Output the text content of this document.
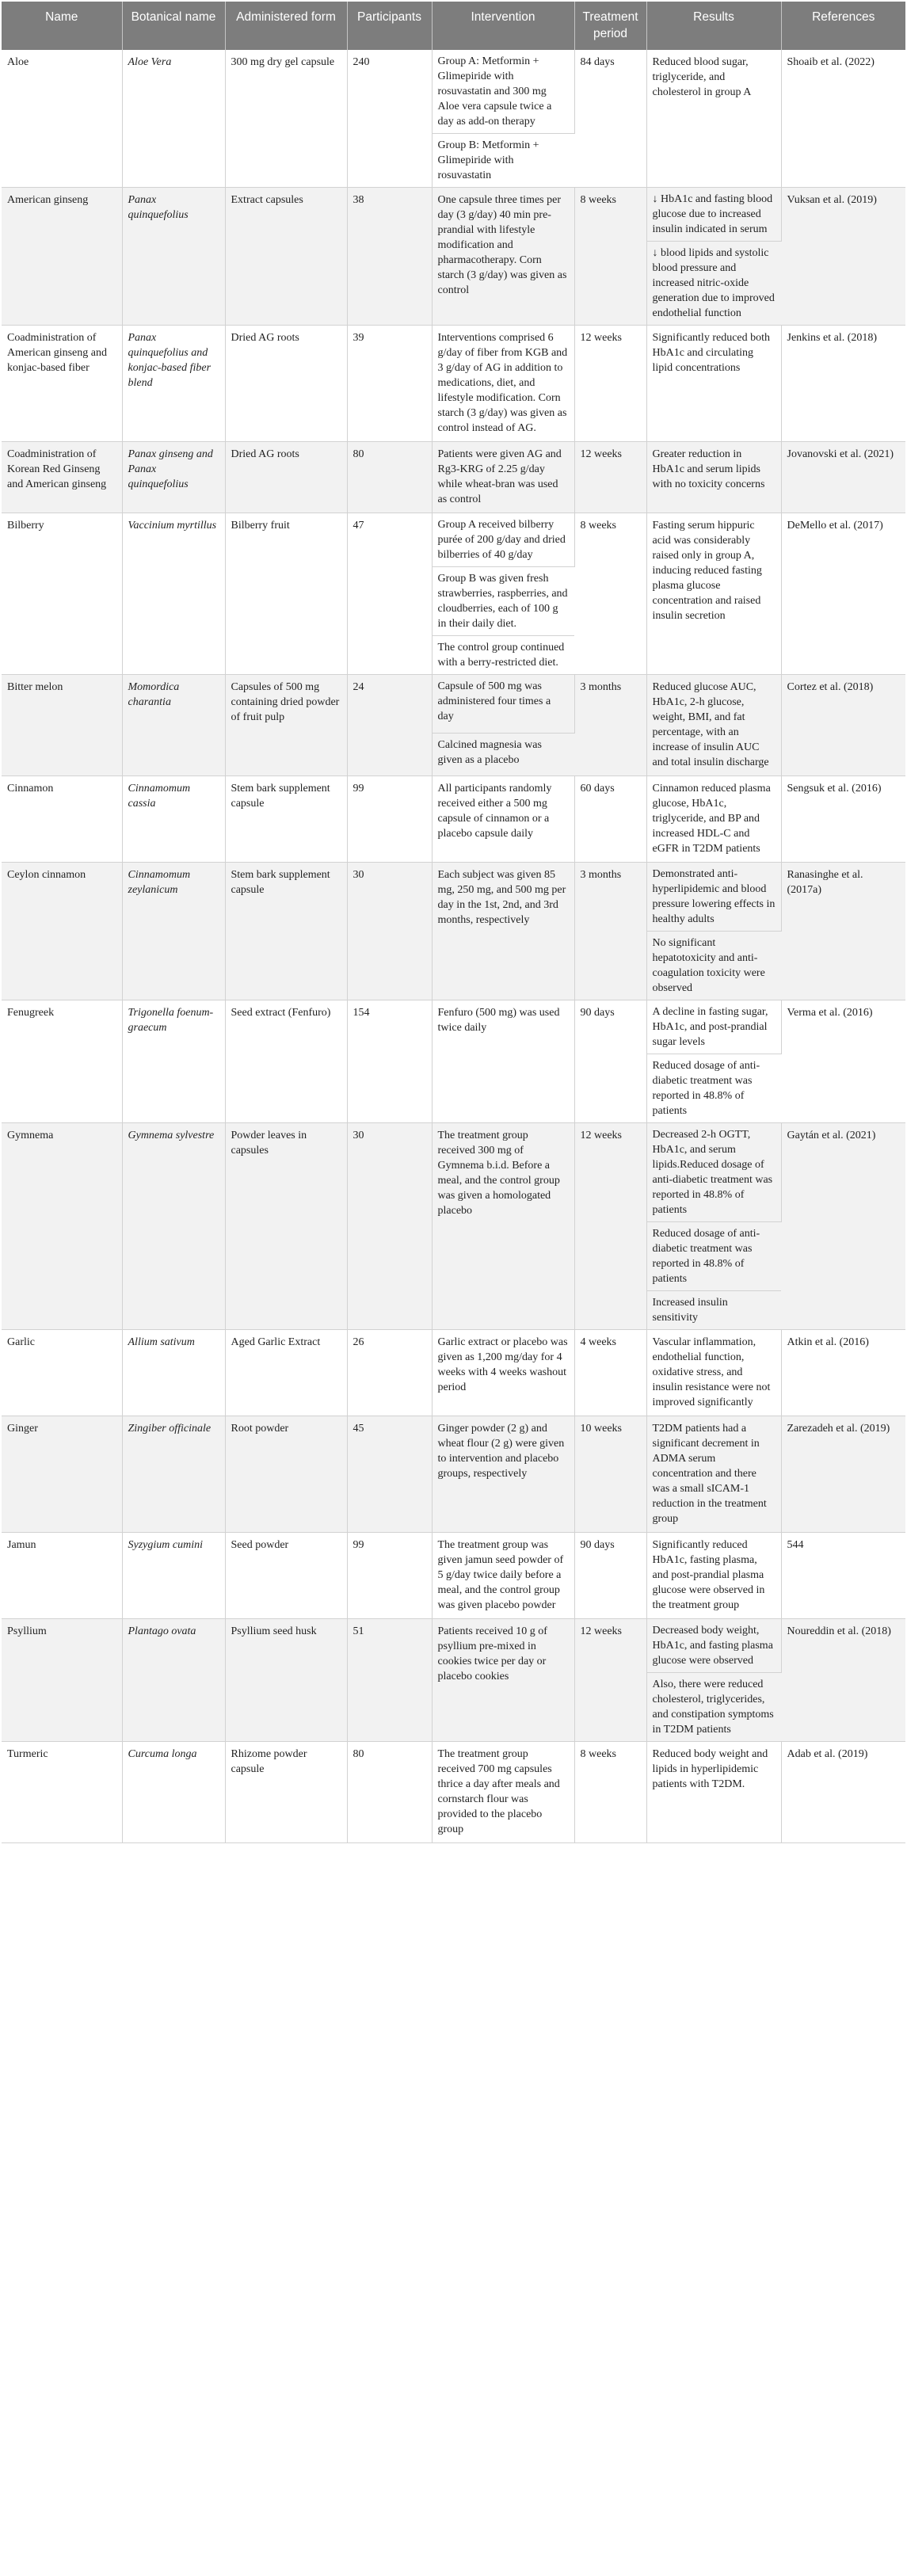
Name	Botanical name	Administered form	Participants	Intervention	Treatment period	Results	References
Aloe	Aloe Vera	300 mg dry gel capsule	240	Group A: Metformin + Glimepiride with rosuvastatin and 300 mg Aloe vera capsule twice a day as add-on therapy	84 days	Reduced blood sugar, triglyceride, and cholesterol in group A	Shoaib et al. (2022)
				Group B: Metformin + Glimepiride with rosuvastatin			
American ginseng	Panax quinquefolius	Extract capsules	38	One capsule three times per day (3 g/day) 40 min pre-prandial with lifestyle modification and pharmacotherapy. Corn starch (3 g/day) was given as control	8 weeks	↓ HbA1c and fasting blood glucose due to increased insulin indicated in serum	Vuksan et al. (2019)
						↓ blood lipids and systolic blood pressure and increased nitric-oxide generation due to improved endothelial function	
Coadministration of American ginseng and konjac-based fiber	Panax quinquefolius and konjac-based fiber blend	Dried AG roots	39	Interventions comprised 6 g/day of fiber from KGB and 3 g/day of AG in addition to medications, diet, and lifestyle modification. Corn starch (3 g/day) was given as control instead of AG.	12 weeks	Significantly reduced both HbA1c and circulating lipid concentrations	Jenkins et al. (2018)
Coadministration of Korean Red Ginseng and American ginseng	Panax ginseng and Panax quinquefolius	Dried AG roots	80	Patients were given AG and Rg3-KRG of 2.25 g/day while wheat-bran was used as control	12 weeks	Greater reduction in HbA1c and serum lipids with no toxicity concerns	Jovanovski et al. (2021)
Bilberry	Vaccinium myrtillus	Bilberry fruit	47	Group A received bilberry purée of 200 g/day and dried bilberries of 40 g/day	8 weeks	Fasting serum hippuric acid was considerably raised only in group A, inducing reduced fasting plasma glucose concentration and raised insulin secretion	DeMello et al. (2017)
				Group B was given fresh strawberries, raspberries, and cloudberries, each of 100 g in their daily diet.			
				The control group continued with a berry-restricted diet.			
Bitter melon	Momordica charantia	Capsules of 500 mg containing dried powder of fruit pulp	24	Capsule of 500 mg was administered four times a day	3 months	Reduced glucose AUC, HbA1c, 2-h glucose, weight, BMI, and fat percentage, with an increase of insulin AUC and total insulin discharge	Cortez et al. (2018)
				Calcined magnesia was given as a placebo			
Cinnamon	Cinnamomum cassia	Stem bark supplement capsule	99	All participants randomly received either a 500 mg capsule of cinnamon or a placebo capsule daily	60 days	Cinnamon reduced plasma glucose, HbA1c, triglyceride, and BP and increased HDL-C and eGFR in T2DM patients	Sengsuk et al. (2016)
Ceylon cinnamon	Cinnamomum zeylanicum	Stem bark supplement capsule	30	Each subject was given 85 mg, 250 mg, and 500 mg per day in the 1st, 2nd, and 3rd months, respectively	3 months	Demonstrated anti-hyperlipidemic and blood pressure lowering effects in healthy adults	Ranasinghe et al. (2017a)
						No significant hepatotoxicity and anti-coagulation toxicity were observed	
Fenugreek	Trigonella foenum-graecum	Seed extract (Fenfuro)	154	Fenfuro (500 mg) was used twice daily	90 days	A decline in fasting sugar, HbA1c, and post-prandial sugar levels	Verma et al. (2016)
						Reduced dosage of anti-diabetic treatment was reported in 48.8% of patients	
Gymnema	Gymnema sylvestre	Powder leaves in capsules	30	The treatment group received 300 mg of Gymnema b.i.d. Before a meal, and the control group was given a homologated placebo	12 weeks	Decreased 2-h OGTT, HbA1c, and serum lipids.Reduced dosage of anti-diabetic treatment was reported in 48.8% of patients	Gaytán et al. (2021)
						Reduced dosage of anti-diabetic treatment was reported in 48.8% of patients	
						Increased insulin sensitivity	
Garlic	Allium sativum	Aged Garlic Extract	26	Garlic extract or placebo was given as 1,200 mg/day for 4 weeks with 4 weeks washout period	4 weeks	Vascular inflammation, endothelial function, oxidative stress, and insulin resistance were not improved significantly	Atkin et al. (2016)
Ginger	Zingiber officinale	Root powder	45	Ginger powder (2 g) and wheat flour (2 g) were given to intervention and placebo groups, respectively	10 weeks	T2DM patients had a significant decrement in ADMA serum concentration and there was a small sICAM-1 reduction in the treatment group	Zarezadeh et al. (2019)
Jamun	Syzygium cumini	Seed powder	99	The treatment group was given jamun seed powder of 5 g/day twice daily before a meal, and the control group was given placebo powder	90 days	Significantly reduced HbA1c, fasting plasma, and post-prandial plasma glucose were observed in the treatment group	544
Psyllium	Plantago ovata	Psyllium seed husk	51	Patients received 10 g of psyllium pre-mixed in cookies twice per day or placebo cookies	12 weeks	Decreased body weight, HbA1c, and fasting plasma glucose were observed	Noureddin et al. (2018)
						Also, there were reduced cholesterol, triglycerides, and constipation symptoms in T2DM patients	
Turmeric	Curcuma longa	Rhizome powder capsule	80	The treatment group received 700 mg capsules thrice a day after meals and cornstarch flour was provided to the placebo group	8 weeks	Reduced body weight and lipids in hyperlipidemic patients with T2DM.	Adab et al. (2019)
